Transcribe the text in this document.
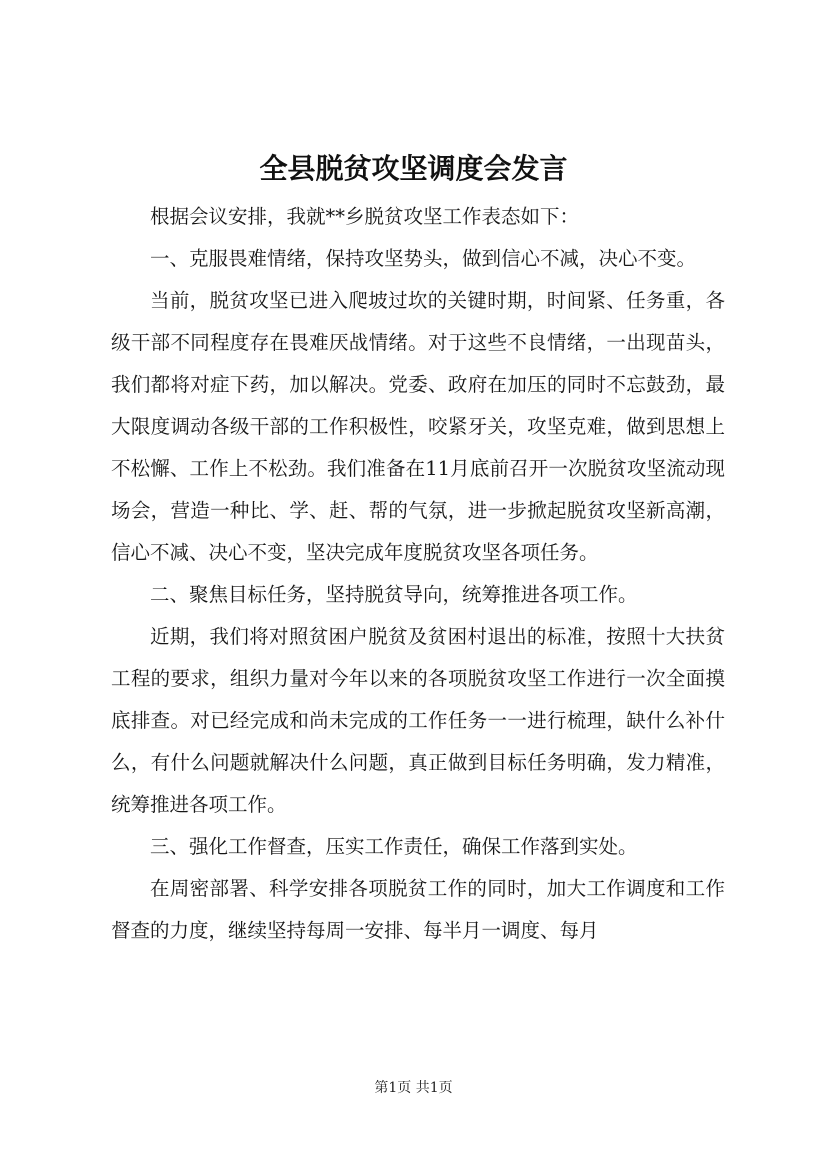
全县脱贫攻坚调度会发言

根据会议安排，我就**乡脱贫攻坚工作表态如下：

一、克服畏难情绪，保持攻坚势头，做到信心不减，决心不变。

当前，脱贫攻坚已进入爬坡过坎的关键时期，时间紧、任务重，各级干部不同程度存在畏难厌战情绪。对于这些不良情绪，一出现苗头，我们都将对症下药，加以解决。党委、政府在加压的同时不忘鼓劲，最大限度调动各级干部的工作积极性，咬紧牙关，攻坚克难，做到思想上不松懈、工作上不松劲。我们准备在11月底前召开一次脱贫攻坚流动现场会，营造一种比、学、赶、帮的气氛，进一步掀起脱贫攻坚新高潮，信心不减、决心不变，坚决完成年度脱贫攻坚各项任务。

二、聚焦目标任务，坚持脱贫导向，统筹推进各项工作。

近期，我们将对照贫困户脱贫及贫困村退出的标准，按照十大扶贫工程的要求，组织力量对今年以来的各项脱贫攻坚工作进行一次全面摸底排查。对已经完成和尚未完成的工作任务一一进行梳理，缺什么补什么，有什么问题就解决什么问题，真正做到目标任务明确，发力精准，统筹推进各项工作。

三、强化工作督查，压实工作责任，确保工作落到实处。

在周密部署、科学安排各项脱贫工作的同时，加大工作调度和工作督查的力度，继续坚持每周一安排、每半月一调度、每月

第1页 共1页
